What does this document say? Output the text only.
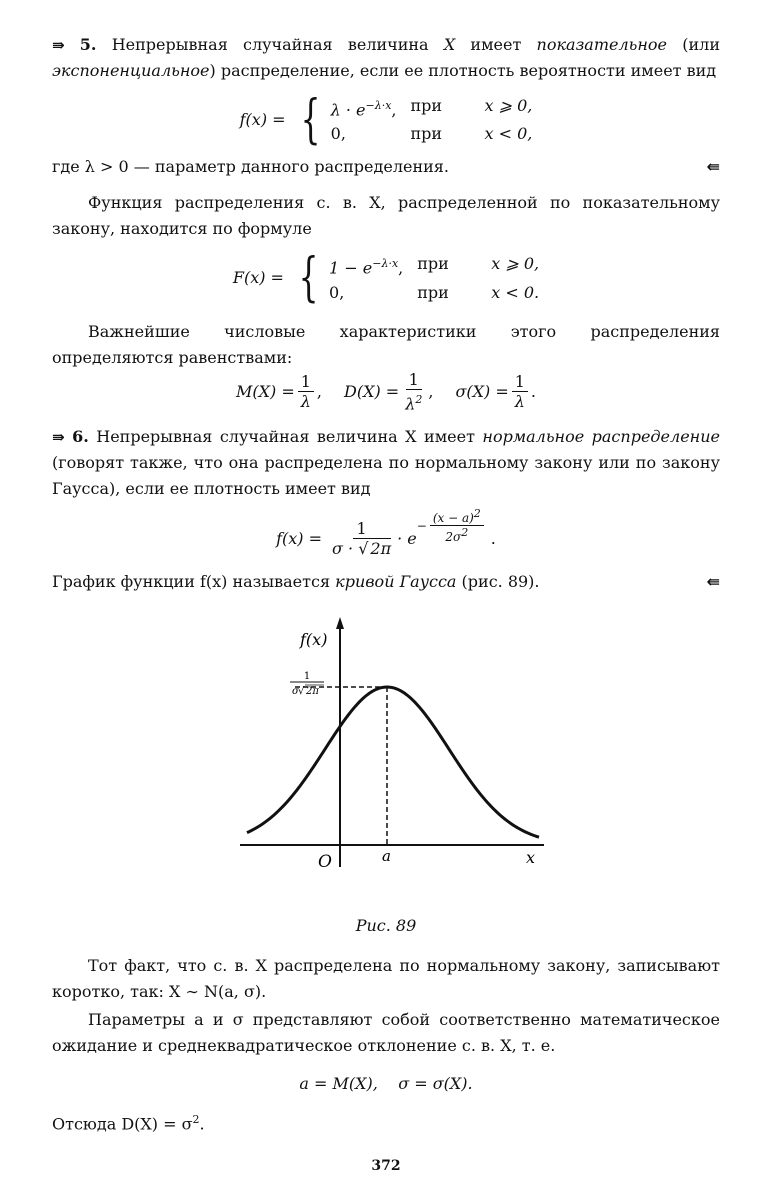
⇛ 5. Непрерывная случайная величина X имеет показательное (или экспоненциальное) распределение, если ее плотность вероятности имеет вид

f(x) = { $\lambda \cdot e^{-\lambda\cdot x}$, при	x ⩾ 0,
0,	при	x < 0,

где λ > 0 — параметр данного распределения.	⇚

Функция распределения с. в. X, распределенной по показательному закону, находится по формуле

F(x) = { $1 - e^{-\lambda\cdot x}$, при	x ⩾ 0,
0,	при	x < 0.

Важнейшие числовые характеристики этого распределения определяются равенствами:

$M(X) = \frac{1}{\lambda}$ , $D(X) = \frac{1}{\lambda^2}$ , $\sigma(X) = \frac{1}{\lambda}$ .

⇛ 6. Непрерывная случайная величина X имеет нормальное распределение (говорят также, что она распределена по нормальному закону или по закону Гаусса), если ее плотность имеет вид

$f(x) = \frac{1}{\sigma \cdot √ 2\pi} \cdot e$
− $\frac{(x - a)^2}{2\sigma^2}$ .

График функции f(x) называется кривой Гаусса (рис. 89).	⇚

f(x)
1
σ √ 2π
O	a	x
Рис. 89

Тот факт, что с. в. X распределена по нормальному закону, записывают коротко, так: X ∼ N(a, σ).

Параметры a и σ представляют собой соответственно математическое ожидание и среднеквадратическое отклонение с. в. X, т. е.

a = M(X),    σ = σ(X).

Отсюда $D(X) = \sigma^2$.

372
